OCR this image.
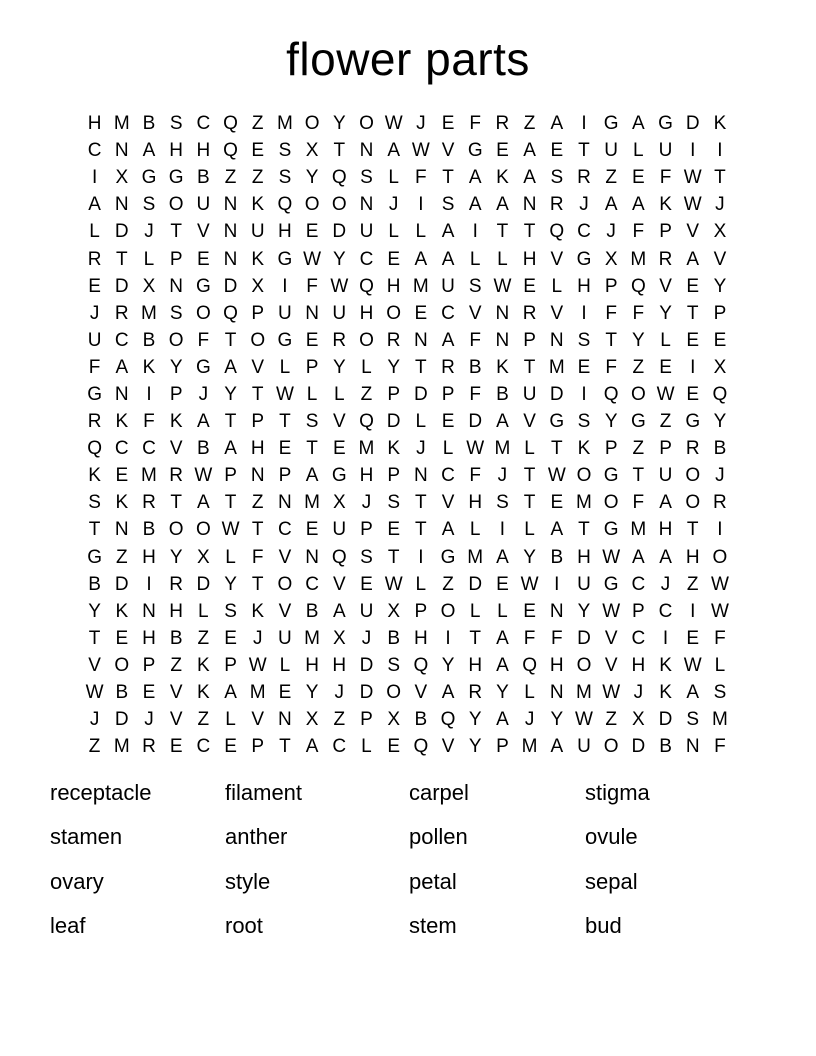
flower parts
H M B S C Q Z M O Y O W J E F R Z A I G A G D K
C N A H H Q E S X T N A W V G E A E T U L U I	I
I X G G B Z Z S Y Q S L F T A K A S R Z E F W T
A N S O U N K Q O O N J	I S A A N R J A A K W J
L D J T V N U H E D U L L A I T T Q C J F P V X
R T L P E N K G W Y C E A A L L H V G X M R A V
E D X N G D X I F W Q H M U S W E L H P Q V E Y
J R M S O Q P U N U H O E C V N R V I F F Y T P
U C B O F T O G E R O R N A F N P N S T Y L E E
F A K Y G A V L P Y L Y T R B K T M E F Z E I X
G N I P J Y T W L L Z P D P F B U D I Q O W E Q
R K F K A T P T S V Q D L E D A V G S Y G Z G Y
Q C C V B A H E T E M K J L W M L T K P Z P R B
K E M R W P N P A G H P N C F J T W O G T U O J
S K R T A T Z N M X J S T V H S T E M O F A O R
T N B O O W T C E U P E T A L	I	L A T G M H T I
G Z H Y X L F V N Q S T I G M A Y B H W A A H O
B D I R D Y T O C V E W L Z D E W I U G C J Z W
Y K N H L S K V B A U X P O L L E N Y W P C I W
T E H B Z E J U M X J B H I T A F F D V C I E F
V O P Z K P W L H H D S Q Y H A Q H O V H K W L
W B E V K A M E Y J D O V A R Y L N M W J K A S
J D J V Z L V N X Z P X B Q Y A J Y W Z X D S M
Z M R E C E P T A C L E Q V Y P M A U O D B N F
receptacle	filament	carpel	stigma
stamen	anther	pollen	ovule
ovary	style	petal	sepal
leaf	root	stem	bud
